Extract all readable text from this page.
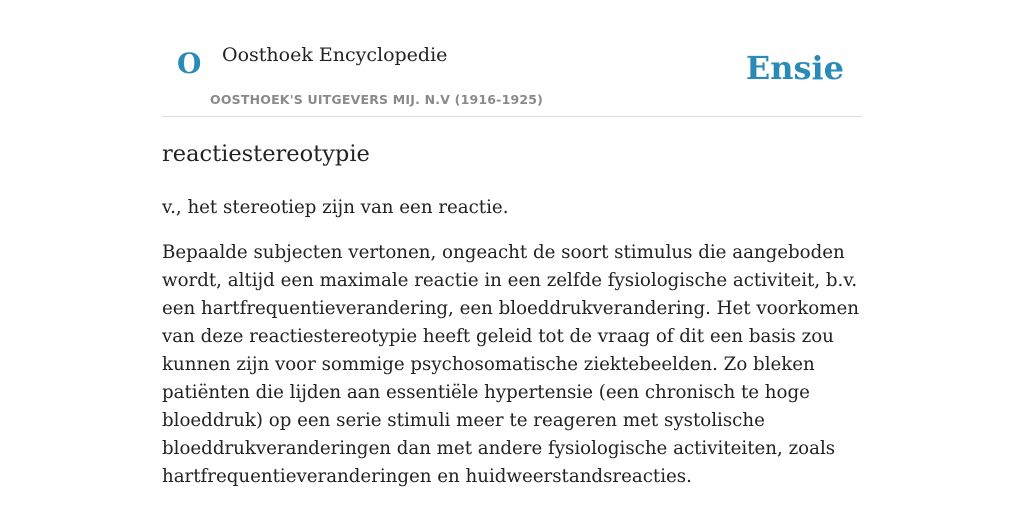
O Oosthoek Encyclopedie
OOSTHOEK'S UITGEVERS MIJ. N.V (1916-1925)
Ensie
reactiestereotypie

v., het stereotiep zijn van een reactie.

Bepaalde subjecten vertonen, ongeacht de soort stimulus die aangeboden wordt, altijd een maximale reactie in een zelfde fysiologische activiteit, b.v. een hartfrequentieverandering, een bloeddrukverandering. Het voorkomen van deze reactiestereotypie heeft geleid tot de vraag of dit een basis zou kunnen zijn voor sommige psychosomatische ziektebeelden. Zo bleken patiënten die lijden aan essentiële hypertensie (een chronisch te hoge bloeddruk) op een serie stimuli meer te reageren met systolische bloeddrukveranderingen dan met andere fysiologische activiteiten, zoals hartfrequentieveranderingen en huidweerstandsreacties.
